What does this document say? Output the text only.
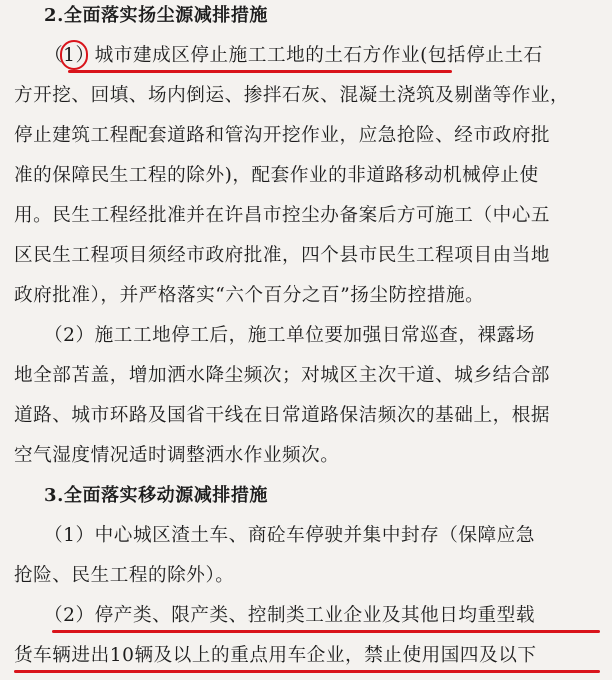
2.全面落实扬尘源减排措施
（1）城市建成区停止施工工地的土石方作业(包括停止土石
方开挖、回填、场内倒运、掺拌石灰、混凝土浇筑及剔凿等作业，
停止建筑工程配套道路和管沟开挖作业，应急抢险、经市政府批
准的保障民生工程的除外)，配套作业的非道路移动机械停止使
用。民生工程经批准并在许昌市控尘办备案后方可施工（中心五
区民生工程项目须经市政府批准，四个县市民生工程项目由当地
政府批准），并严格落实“六个百分之百”扬尘防控措施。
（2）施工工地停工后，施工单位要加强日常巡查，裸露场
地全部苫盖，增加洒水降尘频次；对城区主次干道、城乡结合部
道路、城市环路及国省干线在日常道路保洁频次的基础上，根据
空气湿度情况适时调整洒水作业频次。
3.全面落实移动源减排措施
（1）中心城区渣土车、商砼车停驶并集中封存（保障应急
抢险、民生工程的除外）。
（2）停产类、限产类、控制类工业企业及其他日均重型载
货车辆进出10辆及以上的重点用车企业，禁止使用国四及以下
